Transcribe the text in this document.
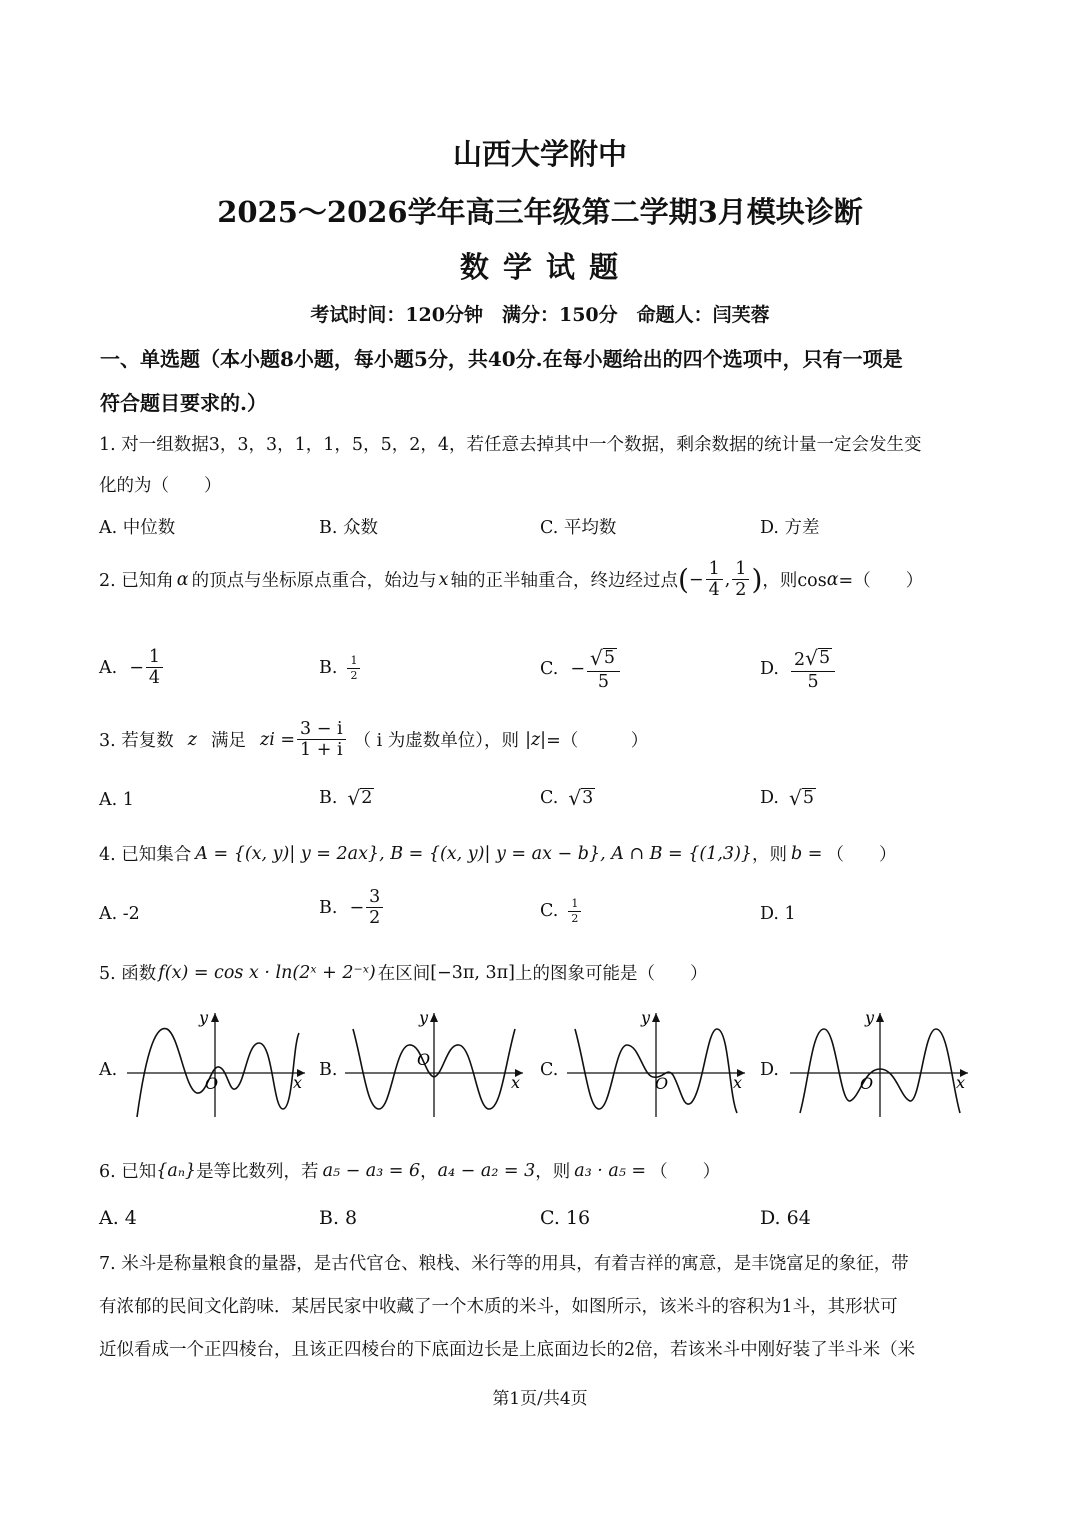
山西大学附中
2025～2026学年高三年级第二学期3月模块诊断
数 学 试 题
考试时间：120分钟　满分：150分　命题人：闫芙蓉
一、单选题（本小题8小题，每小题5分，共40分.在每小题给出的四个选项中，只有一项是
符合题目要求的.）
1. 对一组数据3，3，3，1，1，5，5，2，4，若任意去掉其中一个数据，剩余数据的统计量一定会发生变
化的为（　　）
A. 中位数	B. 众数	C. 平均数	D. 方差
2. 已知角 α 的顶点与坐标原点重合，始边与 x 轴的正半轴重合，终边经过点 ( − $\frac{1}{4}$ , $\frac{1}{2}$ ) ，则cos α =（　　）
A. − $\frac{1}{4}$	B. $\frac{1}{2}$	C. − $\frac{√ 5}{5}$	D. $\frac{2 √ 5}{5}$
3. 若复数 z 满足 zi = $\frac{3 - i}{1 + i}$ （ i 为虚数单位），则 |z| =（　　　）
A. 1	B. √ 2	C. √ 3	D. √ 5
4. 已知集合 A = {(x, y)| y = 2ax}, B = {(x, y)| y = ax − b}, A ∩ B = {(1,3)} ，则 b = （　　）
A. -2	B. − $\frac{3}{2}$	C. $\frac{1}{2}$	D. 1
5. 函数 f(x) = cos x · ln(2ˣ + 2⁻ˣ) 在区间 [−3π, 3π] 上的图象可能是（　　）
A.	B.	C.	D.
O	x
y
O
x
y
O	x
y
O	x
y
6. 已知 {aₙ} 是等比数列，若 a₅ − a₃ = 6 ， a₄ − a₂ = 3 ，则 a₃ · a₅ = （　　）
A. 4	B. 8	C. 16	D. 64
7. 米斗是称量粮食的量器，是古代官仓、粮栈、米行等的用具，有着吉祥的寓意，是丰饶富足的象征，带
有浓郁的民间文化韵味．某居民家中收藏了一个木质的米斗，如图所示，该米斗的容积为1斗，其形状可
近似看成一个正四棱台，且该正四棱台的下底面边长是上底面边长的2倍，若该米斗中刚好装了半斗米（米
第1页/共4页
